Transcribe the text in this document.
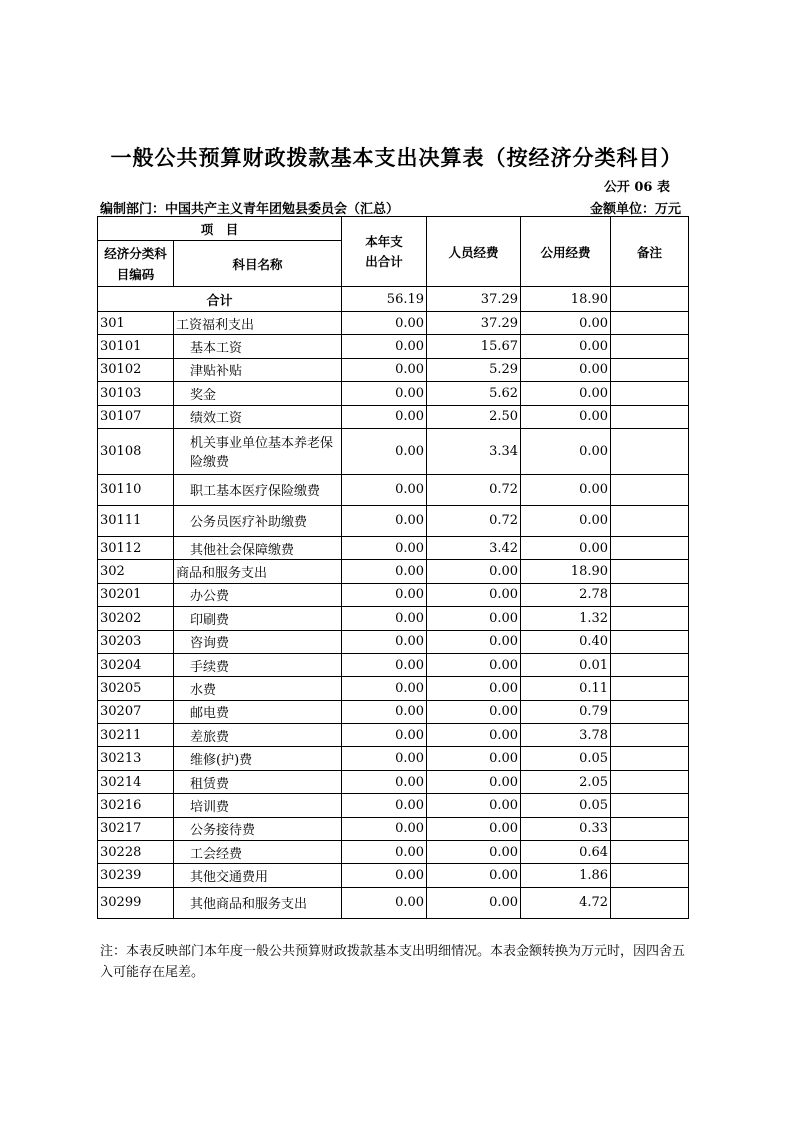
一般公共预算财政拨款基本支出决算表（按经济分类科目）
公开 06 表
编制部门：中国共产主义青年团勉县委员会（汇总）	金额单位：万元
项　目		本年支出合计	人员经费	公用经费	备注
经济分类科目编码	科目名称				
合计		56.19	37.29	18.90	
301	工资福利支出	0.00	37.29	0.00	
30101	基本工资	0.00	15.67	0.00	
30102	津贴补贴	0.00	5.29	0.00	
30103	奖金	0.00	5.62	0.00	
30107	绩效工资	0.00	2.50	0.00	
30108	机关事业单位基本养老保险缴费	0.00	3.34	0.00	
30110	职工基本医疗保险缴费	0.00	0.72	0.00	
30111	公务员医疗补助缴费	0.00	0.72	0.00	
30112	其他社会保障缴费	0.00	3.42	0.00	
302	商品和服务支出	0.00	0.00	18.90	
30201	办公费	0.00	0.00	2.78	
30202	印刷费	0.00	0.00	1.32	
30203	咨询费	0.00	0.00	0.40	
30204	手续费	0.00	0.00	0.01	
30205	水费	0.00	0.00	0.11	
30207	邮电费	0.00	0.00	0.79	
30211	差旅费	0.00	0.00	3.78	
30213	维修(护)费	0.00	0.00	0.05	
30214	租赁费	0.00	0.00	2.05	
30216	培训费	0.00	0.00	0.05	
30217	公务接待费	0.00	0.00	0.33	
30228	工会经费	0.00	0.00	0.64	
30239	其他交通费用	0.00	0.00	1.86	
30299	其他商品和服务支出	0.00	0.00	4.72	
注：本表反映部门本年度一般公共预算财政拨款基本支出明细情况。本表金额转换为万元时，因四舍五入可能存在尾差。
